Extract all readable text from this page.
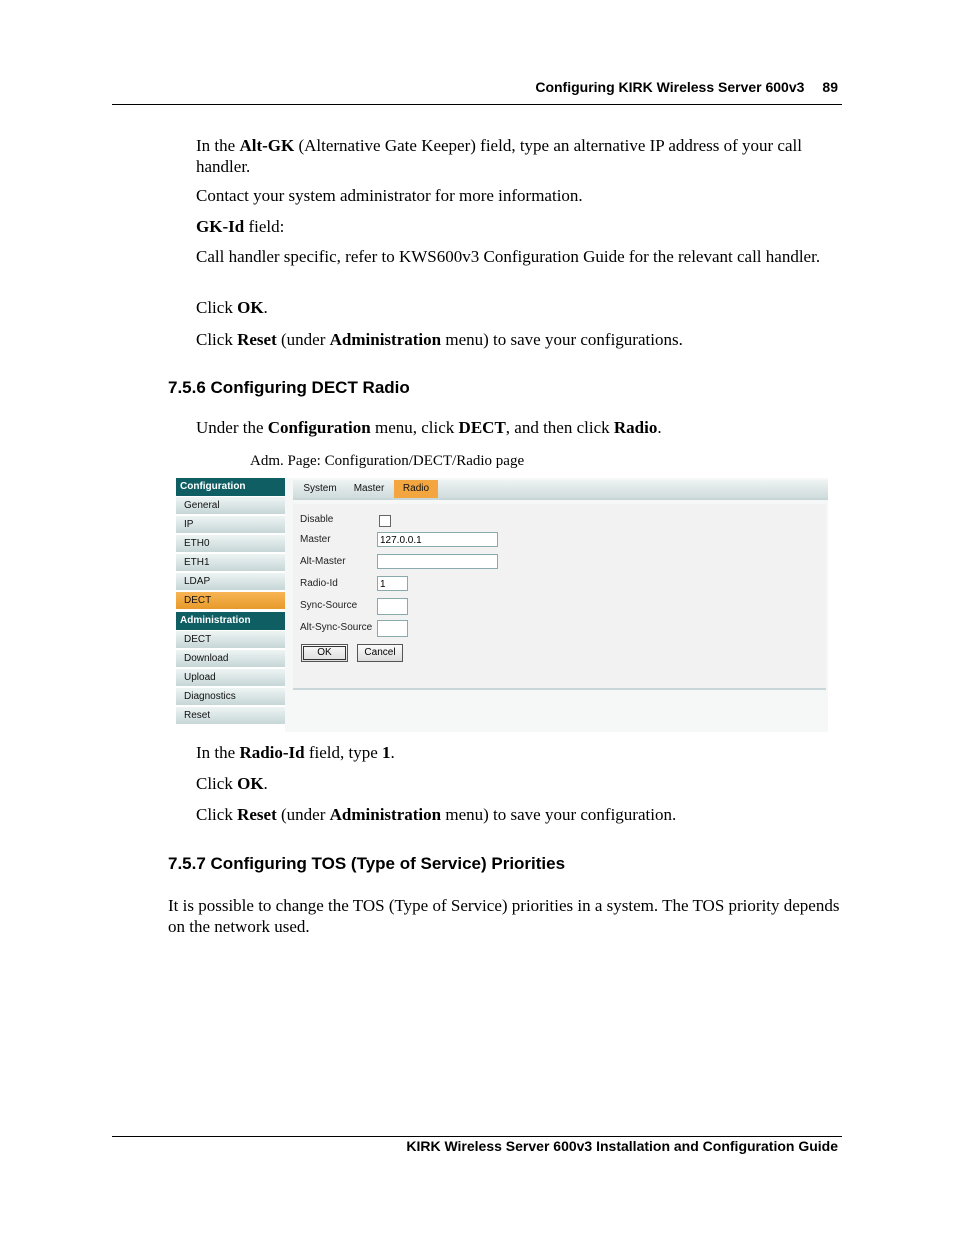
Configuring KIRK Wireless Server 600v3 89
In the Alt-GK (Alternative Gate Keeper) field, type an alternative IP address of your call handler.
Contact your system administrator for more information.
GK-Id field:
Call handler specific, refer to KWS600v3 Configuration Guide for the relevant call handler.
Click OK.
Click Reset (under Administration menu) to save your configurations.
7.5.6 Configuring DECT Radio
Under the Configuration menu, click DECT, and then click Radio.
Adm. Page: Configuration/DECT/Radio page
Configuration
General
IP
ETH0
ETH1
LDAP
DECT
Administration
DECT
Download
Upload
Diagnostics
Reset
System	Master	Radio
Disable
Master	127.0.0.1
Alt-Master
Radio-Id	1
Sync-Source
Alt-Sync-Source
OK	Cancel
In the Radio-Id field, type 1.
Click OK.
Click Reset (under Administration menu) to save your configuration.
7.5.7 Configuring TOS (Type of Service) Priorities
It is possible to change the TOS (Type of Service) priorities in a system. The TOS priority depends on the network used.
KIRK Wireless Server 600v3 Installation and Configuration Guide
